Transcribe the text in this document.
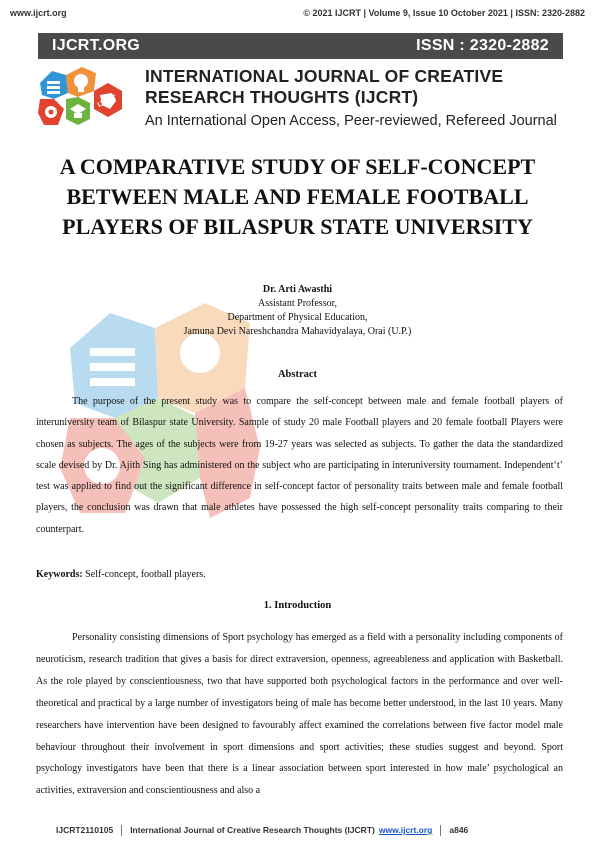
www.ijcrt.org	© 2021 IJCRT | Volume 9, Issue 10 October 2021 | ISSN: 2320-2882
IJCRT.ORG	ISSN : 2320-2882
IJCRT
INTERNATIONAL JOURNAL OF CREATIVE
RESEARCH THOUGHTS (IJCRT)
An International Open Access, Peer-reviewed, Refereed Journal
A COMPARATIVE STUDY OF SELF-CONCEPT
BETWEEN MALE AND FEMALE FOOTBALL
PLAYERS OF BILASPUR STATE UNIVERSITY
Dr. Arti Awasthi
Assistant Professor,
Department of Physical Education,
Jamuna Devi Nareshchandra Mahavidyalaya, Orai (U.P.)
Abstract
The purpose of the present study was to compare the self-concept between male and female football players of interuniversity team of Bilaspur state University. Sample of study 20 male Football players and 20 female football Players were chosen as subjects. The ages of the subjects were from 19-27 years was selected as subjects. To gather the data the standardized scale devised by Dr. Ajith Sing has administered on the subject who are participating in interuniversity tournament. Independent‘t’ test was applied to find out the significant difference in self-concept factor of personality traits between male and female football players, the conclusion was drawn that male athletes have possessed the high self-concept personality traits comparing to their counterpart.
Keywords: Self-concept, football players.
1. Introduction
Personality consisting dimensions of Sport psychology has emerged as a field with a personality including components of neuroticism, research tradition that gives a basis for direct extraversion, openness, agreeableness and application with Basketball. As the role played by conscientiousness, two that have supported both psychological factors in the performance and over well- theoretical and practical by a large number of investigators being of male has become better understood, in the last 10 years. Many researchers have intervention have been designed to favourably affect examined the correlations between five factor model male behaviour throughout their involvement in sport dimensions and sport activities; these studies suggest and beyond. Sport psychology investigators have been that there is a linear association between sport interested in how male’ psychological an activities, extraversion and conscientiousness and also a
IJCRT2110105 International Journal of Creative Research Thoughts (IJCRT) www.ijcrt.org a846
